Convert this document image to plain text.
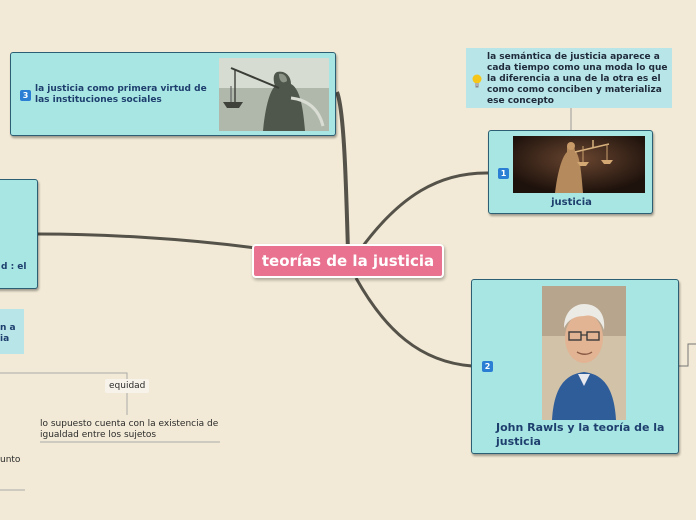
3
la justicia como primera virtud de las instituciones sociales
d : el
n a
ia
equidad
lo supuesto cuenta con la existencia de igualdad entre los sujetos
unto
teorías de la justicia
la semántica de justicia aparece a cada tiempo como una moda lo que la diferencia a una de la otra es el como como conciben y materializa ese concepto
1
justicia
2
John Rawls y la teoría de la justicia
